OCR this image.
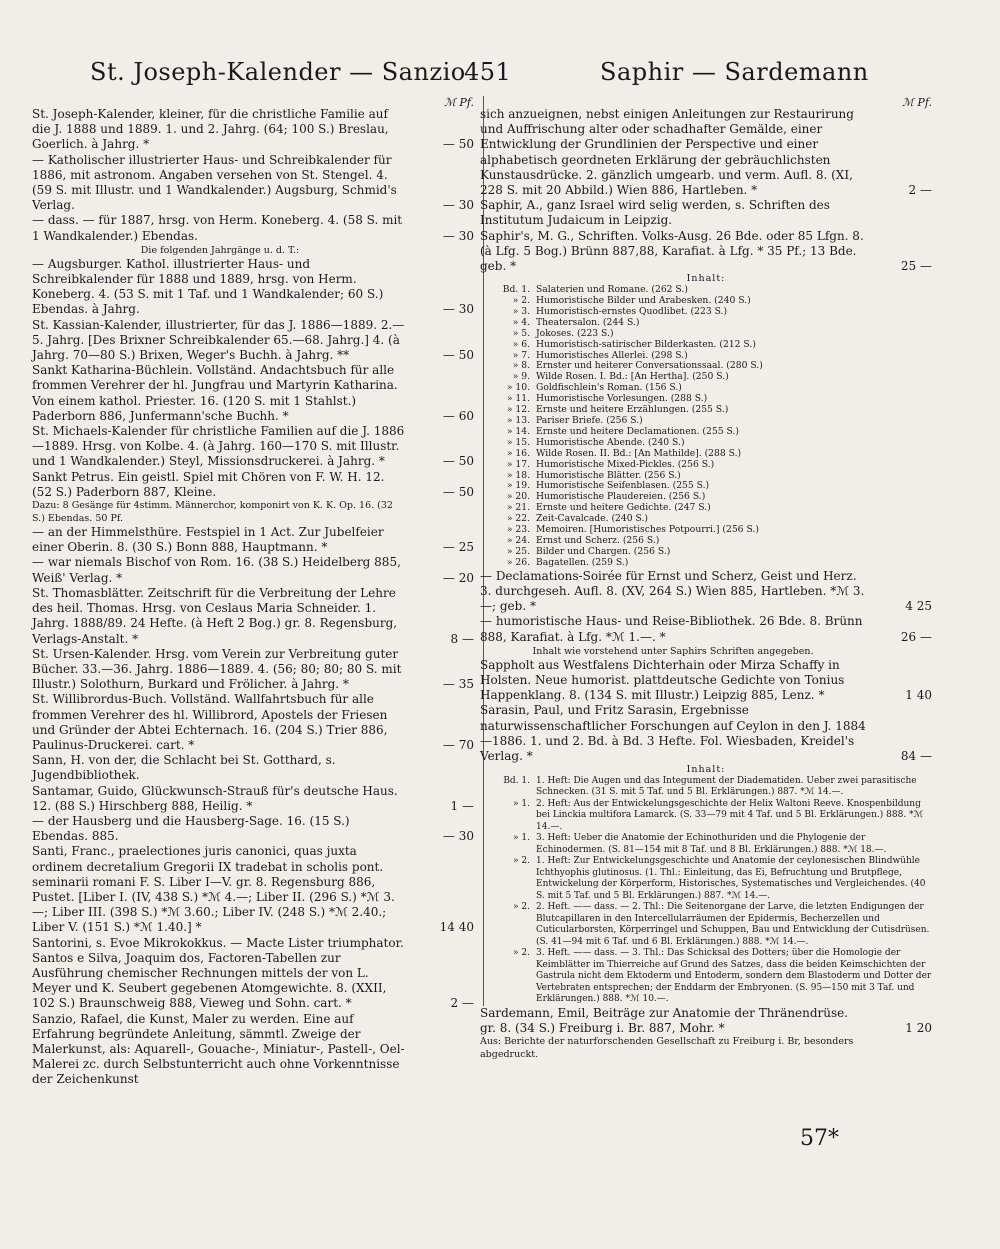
St. Joseph-Kalender — Sanzio
451	Saphir — Sardemann
ℳ Pf.
St. Joseph-Kalender, kleiner, für die christliche Familie auf die J. 1888 und 1889. 1. und 2. Jahrg. (64; 100 S.) Breslau, Goerlich. à Jahrg. *	— 50
— Katholischer illustrierter Haus- und Schreibkalender für 1886, mit astronom. Angaben versehen von St. Stengel. 4. (59 S. mit Illustr. und 1 Wandkalender.) Augsburg, Schmid's Verlag.	— 30
— dass. — für 1887, hrsg. von Herm. Koneberg. 4. (58 S. mit 1 Wandkalender.) Ebendas.	— 30
Die folgenden Jahrgänge u. d. T.:
— Augsburger. Kathol. illustrierter Haus- und Schreibkalender für 1888 und 1889, hrsg. von Herm. Koneberg. 4. (53 S. mit 1 Taf. und 1 Wandkalender; 60 S.) Ebendas. à Jahrg.	— 30
St. Kassian-Kalender, illustrierter, für das J. 1886—1889. 2.—5. Jahrg. [Des Brixner Schreibkalender 65.—68. Jahrg.] 4. (à Jahrg. 70—80 S.) Brixen, Weger's Buchh. à Jahrg. **	— 50
Sankt Katharina-Büchlein. Vollständ. Andachtsbuch für alle frommen Verehrer der hl. Jungfrau und Martyrin Katharina. Von einem kathol. Priester. 16. (120 S. mit 1 Stahlst.) Paderborn 886, Junfermann'sche Buchh. *	— 60
St. Michaels-Kalender für christliche Familien auf die J. 1886—1889. Hrsg. von Kolbe. 4. (à Jahrg. 160—170 S. mit Illustr. und 1 Wandkalender.) Steyl, Missionsdruckerei. à Jahrg. *	— 50
Sankt Petrus. Ein geistl. Spiel mit Chören von F. W. H. 12. (52 S.) Paderborn 887, Kleine.	— 50
Dazu: 8 Gesänge für 4stimm. Männerchor, komponirt von K. K. Op. 16. (32 S.) Ebendas. 50 Pf.
— an der Himmelsthüre. Festspiel in 1 Act. Zur Jubelfeier einer Oberin. 8. (30 S.) Bonn 888, Hauptmann. *	— 25
— war niemals Bischof von Rom. 16. (38 S.) Heidelberg 885, Weiß' Verlag. *	— 20
St. Thomasblätter. Zeitschrift für die Verbreitung der Lehre des heil. Thomas. Hrsg. von Ceslaus Maria Schneider. 1. Jahrg. 1888/89. 24 Hefte. (à Heft 2 Bog.) gr. 8. Regensburg, Verlags-Anstalt. *	8 —
St. Ursen-Kalender. Hrsg. vom Verein zur Verbreitung guter Bücher. 33.—36. Jahrg. 1886—1889. 4. (56; 80; 80; 80 S. mit Illustr.) Solothurn, Burkard und Frölicher. à Jahrg. *	— 35
St. Willibrordus-Buch. Vollständ. Wallfahrtsbuch für alle frommen Verehrer des hl. Willibrord, Apostels der Friesen und Gründer der Abtei Echternach. 16. (204 S.) Trier 886, Paulinus-Druckerei. cart. *	— 70
Sann, H. von der, die Schlacht bei St. Gotthard, s. Jugendbibliothek.
Santamar, Guido, Glückwunsch-Strauß für's deutsche Haus. 12. (88 S.) Hirschberg 888, Heilig. *	1 —
— der Hausberg und die Hausberg-Sage. 16. (15 S.) Ebendas. 885.	— 30
Santi, Franc., praelectiones juris canonici, quas juxta ordinem decretalium Gregorii IX tradebat in scholis pont. seminarii romani F. S. Liber I—V. gr. 8. Regensburg 886, Pustet. [Liber I. (IV, 438 S.) *ℳ 4.—; Liber II. (296 S.) *ℳ 3.—; Liber III. (398 S.) *ℳ 3.60.; Liber IV. (248 S.) *ℳ 2.40.; Liber V. (151 S.) *ℳ 1.40.] *	14 40
Santorini, s. Evoe Mikrokokkus. — Macte Lister triumphator.
Santos e Silva, Joaquim dos, Factoren-Tabellen zur Ausführung chemischer Rechnungen mittels der von L. Meyer und K. Seubert gegebenen Atomgewichte. 8. (XXII, 102 S.) Braunschweig 888, Vieweg und Sohn. cart. *	2 —
Sanzio, Rafael, die Kunst, Maler zu werden. Eine auf Erfahrung begründete Anleitung, sämmtl. Zweige der Malerkunst, als: Aquarell-, Gouache-, Miniatur-, Pastell-, Oel-Malerei zc. durch Selbstunterricht auch ohne Vorkenntnisse der Zeichenkunst
ℳ Pf.
sich anzueignen, nebst einigen Anleitungen zur Restaurirung und Auffrischung alter oder schadhafter Gemälde, einer Entwicklung der Grundlinien der Perspective und einer alphabetisch geordneten Erklärung der gebräuchlichsten Kunstausdrücke. 2. gänzlich umgearb. und verm. Aufl. 8. (XI, 228 S. mit 20 Abbild.) Wien 886, Hartleben. *	2 —
Saphir, A., ganz Israel wird selig werden, s. Schriften des Institutum Judaicum in Leipzig.
Saphir's, M. G., Schriften. Volks-Ausg. 26 Bde. oder 85 Lfgn. 8. (à Lfg. 5 Bog.) Brünn 887,88, Karafiat. à Lfg. * 35 Pf.; 13 Bde. geb. *	25 —
Inhalt:
Bd. 1. Salaterien und Romane. (262 S.)
» 2. Humoristische Bilder und Arabesken. (240 S.)
» 3. Humoristisch-ernstes Quodlibet. (223 S.)
» 4. Theatersalon. (244 S.)
» 5. Jokoses. (223 S.)
» 6. Humoristisch-satirischer Bilderkasten. (212 S.)
» 7. Humoristisches Allerlei. (298 S.)
» 8. Ernster und heiterer Conversationssaal. (280 S.)
» 9. Wilde Rosen. I. Bd.: [An Hertha]. (250 S.)
» 10. Goldfischlein's Roman. (156 S.)
» 11. Humoristische Vorlesungen. (288 S.)
» 12. Ernste und heitere Erzählungen. (255 S.)
» 13. Pariser Briefe. (256 S.)
» 14. Ernste und heitere Declamationen. (255 S.)
» 15. Humoristische Abende. (240 S.)
» 16. Wilde Rosen. II. Bd.: [An Mathilde]. (288 S.)
» 17. Humoristische Mixed-Pickles. (256 S.)
» 18. Humoristische Blätter. (256 S.)
» 19. Humoristische Seifenblasen. (255 S.)
» 20. Humoristische Plaudereien. (256 S.)
» 21. Ernste und heitere Gedichte. (247 S.)
» 22. Zeit-Cavalcade. (240 S.)
» 23. Memoiren. [Humoristisches Potpourri.] (256 S.)
» 24. Ernst und Scherz. (256 S.)
» 25. Bilder und Chargen. (256 S.)
» 26. Bagatellen. (259 S.)
— Declamations-Soirée für Ernst und Scherz, Geist und Herz. 3. durchgeseh. Aufl. 8. (XV, 264 S.) Wien 885, Hartleben. *ℳ 3.—; geb. *	4 25
— humoristische Haus- und Reise-Bibliothek. 26 Bde. 8. Brünn 888, Karafiat. à Lfg. *ℳ 1.—. *	26 —
Inhalt wie vorstehend unter Saphirs Schriften angegeben.
Sappholt aus Westfalens Dichterhain oder Mirza Schaffy in Holsten. Neue humorist. plattdeutsche Gedichte von Tonius Happenklang. 8. (134 S. mit Illustr.) Leipzig 885, Lenz. *	1 40
Sarasin, Paul, und Fritz Sarasin, Ergebnisse naturwissenschaftlicher Forschungen auf Ceylon in den J. 1884—1886. 1. und 2. Bd. à Bd. 3 Hefte. Fol. Wiesbaden, Kreidel's Verlag. *	84 —
Inhalt:
Bd. 1. 1. Heft: Die Augen und das Integument der Diadematiden. Ueber zwei parasitische Schnecken. (31 S. mit 5 Taf. und 5 Bl. Erklärungen.) 887. *ℳ 14.—.
» 1. 2. Heft: Aus der Entwickelungsgeschichte der Helix Waltoni Reeve. Knospenbildung bei Linckia multifora Lamarck. (S. 33—79 mit 4 Taf. und 5 Bl. Erklärungen.) 888. *ℳ 14.—.
» 1. 3. Heft: Ueber die Anatomie der Echinothuriden und die Phylogenie der Echinodermen. (S. 81—154 mit 8 Taf. und 8 Bl. Erklärungen.) 888. *ℳ 18.—.
» 2. 1. Heft: Zur Entwickelungsgeschichte und Anatomie der ceylonesischen Blindwühle Ichthyophis glutinosus. (1. Thl.: Einleitung, das Ei, Befruchtung und Brutpflege, Entwickelung der Körperform, Historisches, Systematisches und Vergleichendes. (40 S. mit 5 Taf. und 5 Bl. Erklärungen.) 887. *ℳ 14.—.
» 2. 2. Heft. —— dass. — 2. Thl.: Die Seitenorgane der Larve, die letzten Endigungen der Blutcapillaren in den Intercellularräumen der Epidermis, Becherzellen und Cuticularborsten, Körperringel und Schuppen, Bau und Entwicklung der Cutisdrüsen. (S. 41—94 mit 6 Taf. und 6 Bl. Erklärungen.) 888. *ℳ 14.—.
» 2. 3. Heft. —— dass. — 3. Thl.: Das Schicksal des Dotters; über die Homologie der Keimblätter im Thierreiche auf Grund des Satzes, dass die beiden Keimschichten der Gastrula nicht dem Ektoderm und Entoderm, sondern dem Blastoderm und Dotter der Vertebraten entsprechen; der Enddarm der Embryonen. (S. 95—150 mit 3 Taf. und Erklärungen.) 888. *ℳ 10.—.
Sardemann, Emil, Beiträge zur Anatomie der Thränendrüse. gr. 8. (34 S.) Freiburg i. Br. 887, Mohr. *	1 20
Aus: Berichte der naturforschenden Gesellschaft zu Freiburg i. Br, besonders abgedruckt.
57*
